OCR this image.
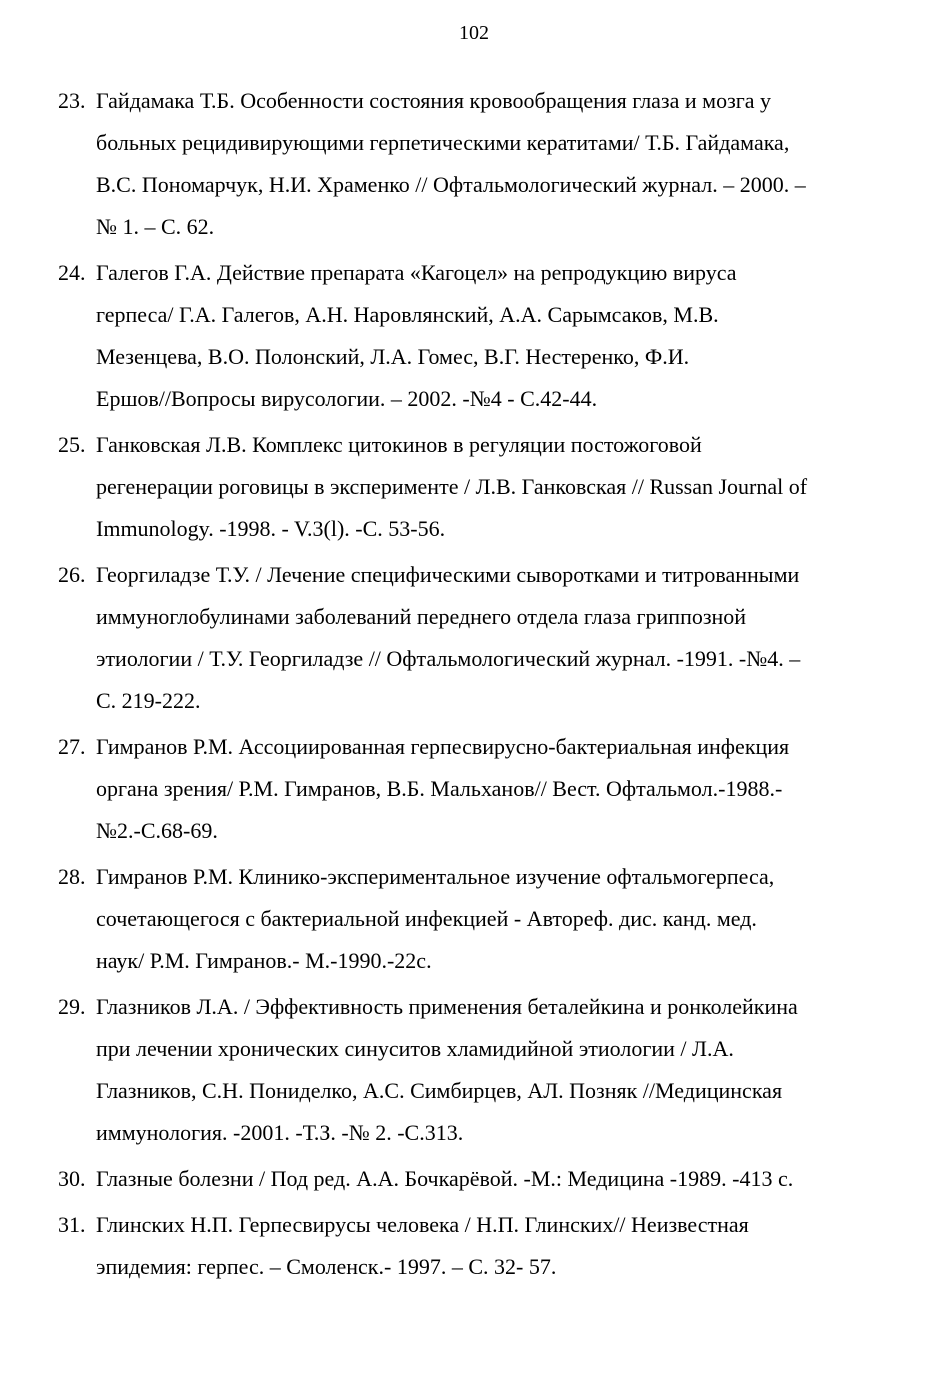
102
23. Гайдамака Т.Б. Особенности состояния кровообращения глаза и мозга у
больных рецидивирующими герпетическими кератитами/ Т.Б. Гайдамака,
В.С. Пономарчук, Н.И. Храменко // Офтальмологический журнал. – 2000. –
№ 1. – С. 62.
24. Галегов Г.А. Действие препарата «Кагоцел» на репродукцию вируса
герпеса/ Г.А. Галегов, А.Н. Наровлянский, А.А. Сарымсаков, М.В.
Мезенцева, В.О. Полонский, Л.А. Гомес, В.Г. Нестеренко, Ф.И.
Ершов//Вопросы вирусологии. – 2002. -№4 - С.42-44.
25. Ганковская Л.В. Комплекс цитокинов в регуляции постожоговой
регенерации роговицы в эксперименте / Л.В. Ганковская // Russan Journal of
Immunology. -1998. - V.3(l). -С. 53-56.
26. Георгиладзе Т.У. / Лечение специфическими сыворотками и титрованными
иммуноглобулинами заболеваний переднего отдела глаза гриппозной
этиологии / Т.У. Георгиладзе // Офтальмологический журнал. -1991. -№4. –
С. 219-222.
27. Гимранов Р.М. Ассоциированная герпесвирусно-бактериальная инфекция
органа зрения/ Р.М. Гимранов, В.Б. Мальханов// Вест. Офтальмол.-1988.-
№2.-С.68-69.
28. Гимранов Р.М. Клинико-экспериментальное изучение офтальмогерпеса,
сочетающегося с бактериальной инфекцией - Автореф. дис. канд. мед.
наук/ Р.М. Гимранов.- М.-1990.-22с.
29. Глазников Л.А. / Эффективность применения беталейкина и ронколейкина
при лечении хронических синуситов хламидийной этиологии / Л.А.
Глазников, С.Н. Пониделко, А.С. Симбирцев, АЛ. Позняк //Медицинская
иммунология. -2001. -Т.З. -№ 2. -С.313.
30. Глазные болезни / Под ред. А.А. Бочкарёвой. -М.: Медицина -1989. -413 с.
31. Глинских Н.П. Герпесвирусы человека / Н.П. Глинских// Неизвестная
эпидемия: герпес. – Смоленск.- 1997. – С. 32- 57.
